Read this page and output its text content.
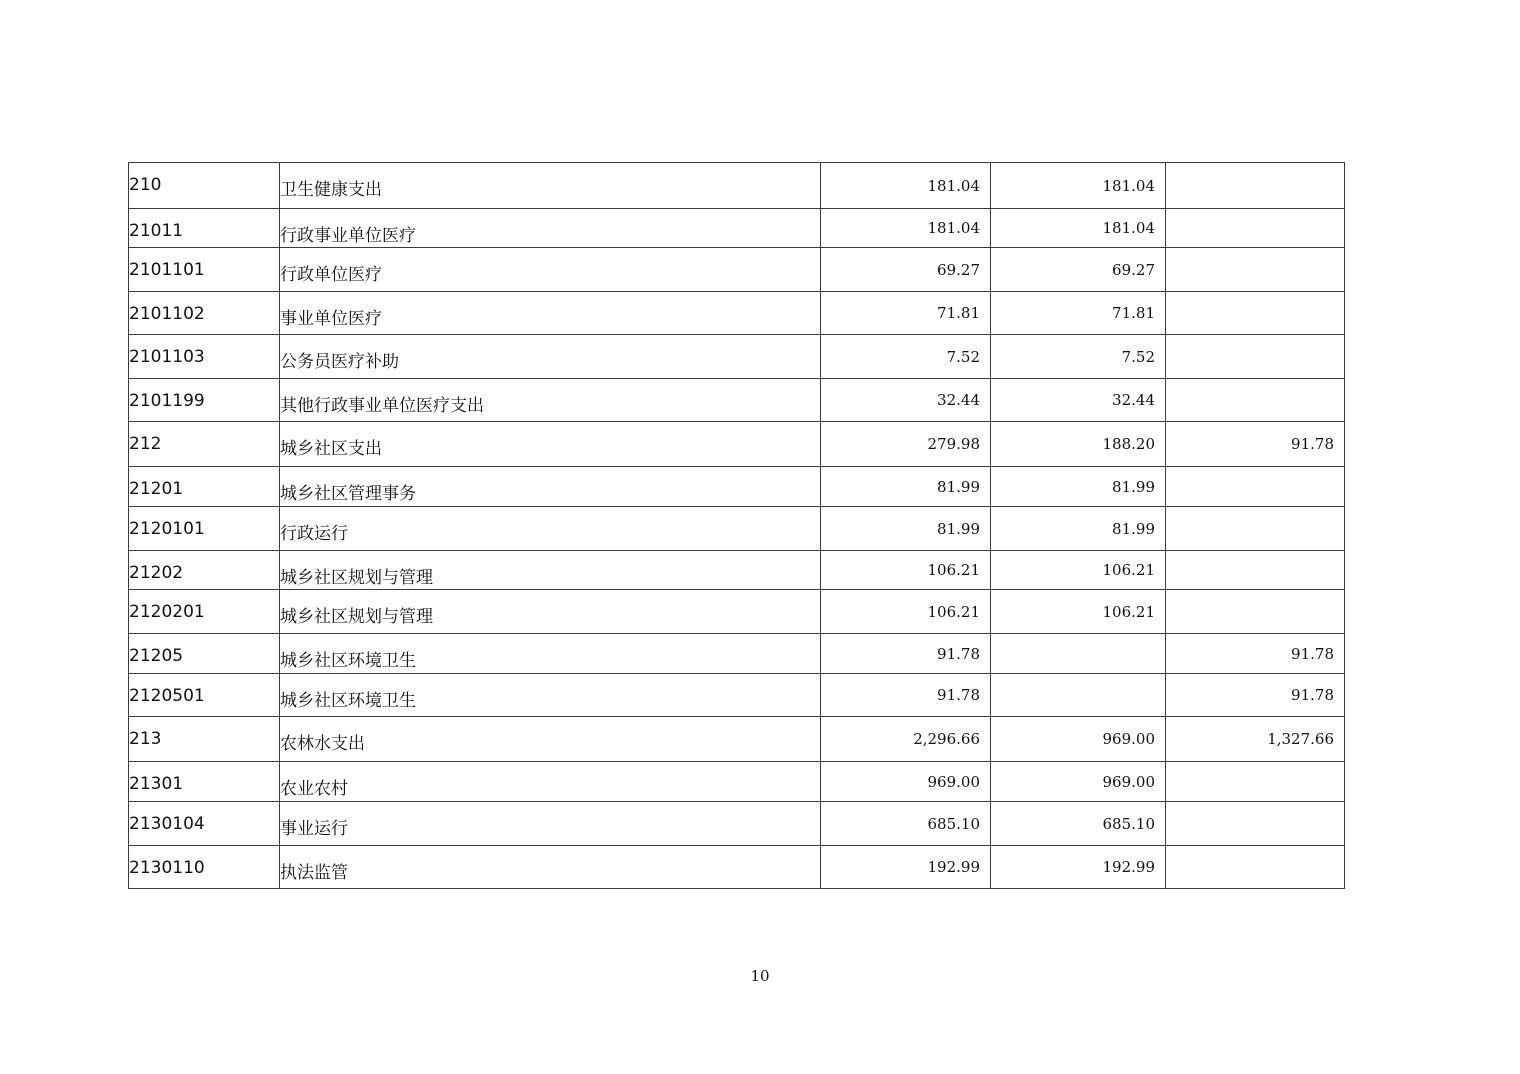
210	卫生健康支出	181.04	181.04	
21011	行政事业单位医疗	181.04	181.04	
2101101	行政单位医疗	69.27	69.27	
2101102	事业单位医疗	71.81	71.81	
2101103	公务员医疗补助	7.52	7.52	
2101199	其他行政事业单位医疗支出	32.44	32.44	
212	城乡社区支出	279.98	188.20	91.78
21201	城乡社区管理事务	81.99	81.99	
2120101	行政运行	81.99	81.99	
21202	城乡社区规划与管理	106.21	106.21	
2120201	城乡社区规划与管理	106.21	106.21	
21205	城乡社区环境卫生	91.78		91.78
2120501	城乡社区环境卫生	91.78		91.78
213	农林水支出	2,296.66	969.00	1,327.66
21301	农业农村	969.00	969.00	
2130104	事业运行	685.10	685.10	
2130110	执法监管	192.99	192.99	
10
